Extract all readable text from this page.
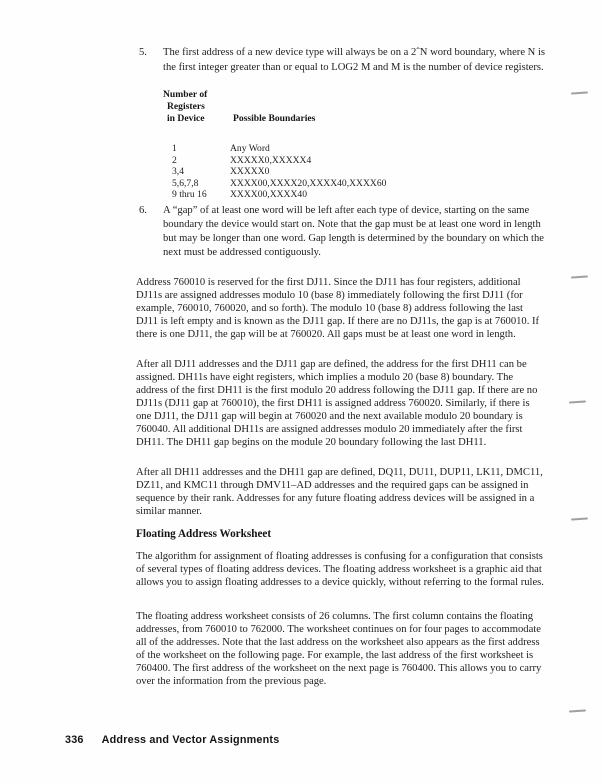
5.	The first address of a new device type will always be on a 2ˆN word boundary, where N is the first integer greater than or equal to LOG2 M and M is the number of device registers.
Number of
Registers
in Device	Possible Boundaries
1	Any Word
2	XXXXX0,XXXXX4
3,4	XXXXX0
5,6,7,8	XXXX00,XXXX20,XXXX40,XXXX60
9 thru 16	XXXX00,XXXX40
6.	A “gap” of at least one word will be left after each type of device, starting on the same boundary the device would start on. Note that the gap must be at least one word in length but may be longer than one word. Gap length is determined by the boundary on which the next must be addressed contiguously.
Address 760010 is reserved for the first DJ11. Since the DJ11 has four registers, additional DJ11s are assigned addresses modulo 10 (base 8) immediately following the first DJ11 (for example, 760010, 760020, and so forth). The modulo 10 (base 8) address following the last DJ11 is left empty and is known as the DJ11 gap. If there are no DJ11s, the gap is at 760010. If there is one DJ11, the gap will be at 760020. All gaps must be at least one word in length.
After all DJ11 addresses and the DJ11 gap are defined, the address for the first DH11 can be assigned. DH11s have eight registers, which implies a modulo 20 (base 8) boundary. The address of the first DH11 is the first modulo 20 address following the DJ11 gap. If there are no DJ11s (DJ11 gap at 760010), the first DH11 is assigned address 760020. Similarly, if there is one DJ11, the DJ11 gap will begin at 760020 and the next available modulo 20 boundary is 760040. All additional DH11s are assigned addresses modulo 20 immediately after the first DH11. The DH11 gap begins on the module 20 boundary following the last DH11.
After all DH11 addresses and the DH11 gap are defined, DQ11, DU11, DUP11, LK11, DMC11, DZ11, and KMC11 through DMV11–AD addresses and the required gaps can be assigned in sequence by their rank. Addresses for any future floating address devices will be assigned in a similar manner.
Floating Address Worksheet
The algorithm for assignment of floating addresses is confusing for a configuration that consists of several types of floating address devices. The floating address worksheet is a graphic aid that allows you to assign floating addresses to a device quickly, without referring to the formal rules.
The floating address worksheet consists of 26 columns. The first column contains the floating addresses, from 760010 to 762000. The worksheet continues on for four pages to accommodate all of the addresses. Note that the last address on the worksheet also appears as the first address of the worksheet on the following page. For example, the last address of the first worksheet is 760400. The first address of the worksheet on the next page is 760400. This allows you to carry over the information from the previous page.
336 Address and Vector Assignments
